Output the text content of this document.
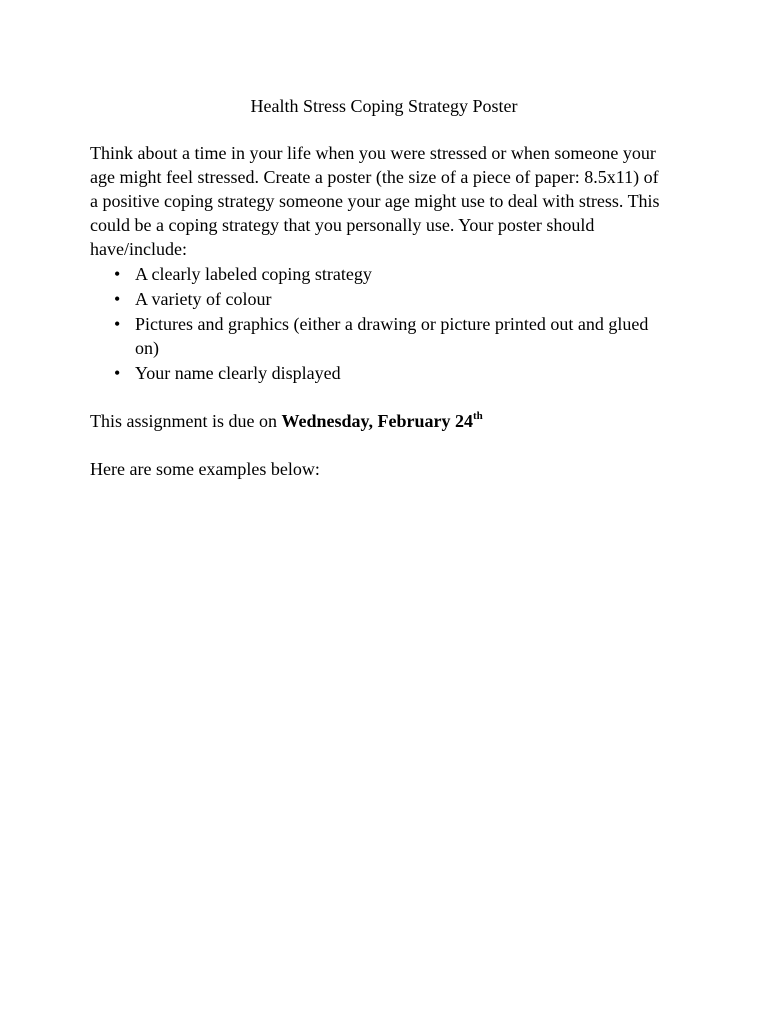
Health Stress Coping Strategy Poster
Think about a time in your life when you were stressed or when someone your age might feel stressed. Create a poster (the size of a piece of paper: 8.5x11) of a positive coping strategy someone your age might use to deal with stress. This could be a coping strategy that you personally use. Your poster should have/include:
• A clearly labeled coping strategy
• A variety of colour
• Pictures and graphics (either a drawing or picture printed out and glued on)
• Your name clearly displayed
This assignment is due on Wednesday, February 24th
Here are some examples below:
